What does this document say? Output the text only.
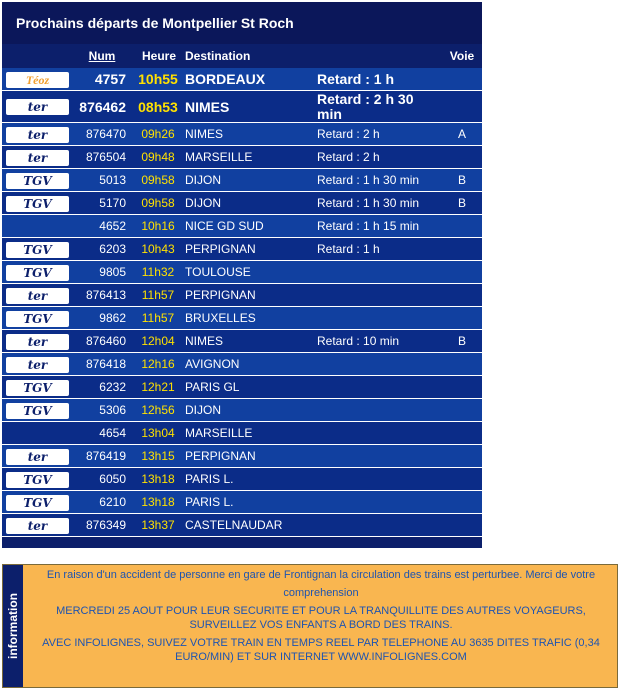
Prochains départs de Montpellier St Roch
Num	Heure Destination	Voie
Téoz	4757 10h55 BORDEAUX	Retard : 1 h
ter	876462 08h53 NIMES	Retard : 2 h 30 min
ter	876470	09h26 NIMES	Retard : 2 h	A
ter	876504	09h48 MARSEILLE	Retard : 2 h
TGV	5013	09h58 DIJON	Retard : 1 h 30 min	B
TGV	5170	09h58 DIJON	Retard : 1 h 30 min	B
4652	10h16 NICE GD SUD	Retard : 1 h 15 min
TGV	6203	10h43 PERPIGNAN	Retard : 1 h
TGV	9805	11h32 TOULOUSE
ter	876413	11h57 PERPIGNAN
TGV	9862	11h57 BRUXELLES
ter	876460	12h04 NIMES	Retard : 10 min	B
ter	876418	12h16 AVIGNON
TGV	6232	12h21 PARIS GL
TGV	5306	12h56 DIJON
4654	13h04 MARSEILLE
ter	876419	13h15 PERPIGNAN
TGV	6050	13h18 PARIS L.
TGV	6210	13h18 PARIS L.
ter	876349	13h37 CASTELNAUDAR
information

En raison d'un accident de personne en gare de Frontignan la circulation des trains est perturbee. Merci de votre

comprehension

MERCREDI 25 AOUT POUR LEUR SECURITE ET POUR LA TRANQUILLITE DES AUTRES VOYAGEURS, SURVEILLEZ VOS ENFANTS A BORD DES TRAINS.

AVEC INFOLIGNES, SUIVEZ VOTRE TRAIN EN TEMPS REEL PAR TELEPHONE AU 3635 DITES TRAFIC (0,34 EURO/MIN) ET SUR INTERNET WWW.INFOLIGNES.COM
